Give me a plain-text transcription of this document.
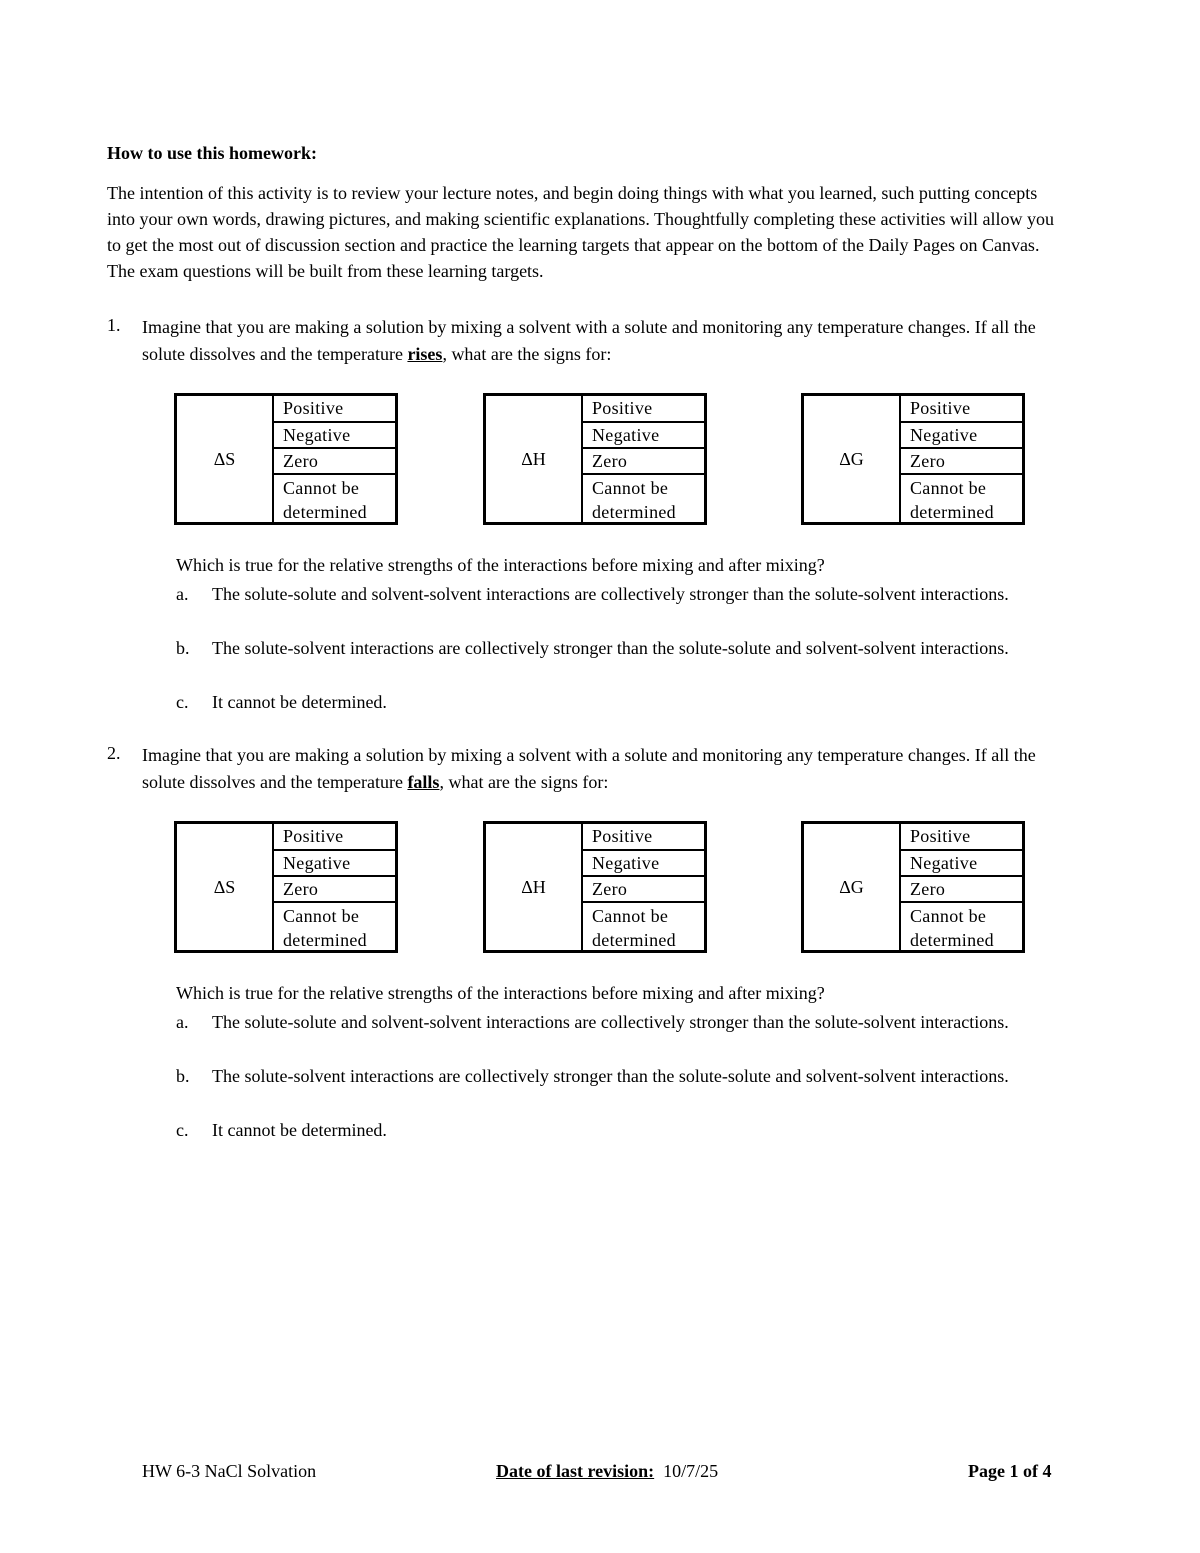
How to use this homework:
The intention of this activity is to review your lecture notes, and begin doing things with what you learned, such putting concepts into your own words, drawing pictures, and making scientific explanations. Thoughtfully completing these activities will allow you to get the most out of discussion section and practice the learning targets that appear on the bottom of the Daily Pages on Canvas. The exam questions will be built from these learning targets.
1. Imagine that you are making a solution by mixing a solvent with a solute and monitoring any temperature changes. If all the solute dissolves and the temperature rises, what are the signs for:
ΔS
Positive
Negative
Zero
Cannot be determined
ΔH
Positive
Negative
Zero
Cannot be determined
ΔG
Positive
Negative
Zero
Cannot be determined
Which is true for the relative strengths of the interactions before mixing and after mixing?
a. The solute-solute and solvent-solvent interactions are collectively stronger than the solute-solvent interactions.
b. The solute-solvent interactions are collectively stronger than the solute-solute and solvent-solvent interactions.
c. It cannot be determined.
2. Imagine that you are making a solution by mixing a solvent with a solute and monitoring any temperature changes. If all the solute dissolves and the temperature falls, what are the signs for:
ΔS
Positive
Negative
Zero
Cannot be determined
ΔH
Positive
Negative
Zero
Cannot be determined
ΔG
Positive
Negative
Zero
Cannot be determined
Which is true for the relative strengths of the interactions before mixing and after mixing?
a. The solute-solute and solvent-solvent interactions are collectively stronger than the solute-solvent interactions.
b. The solute-solvent interactions are collectively stronger than the solute-solute and solvent-solvent interactions.
c. It cannot be determined.
HW 6-3 NaCl Solvation	Date of last revision: 10/7/25	Page 1 of 4
